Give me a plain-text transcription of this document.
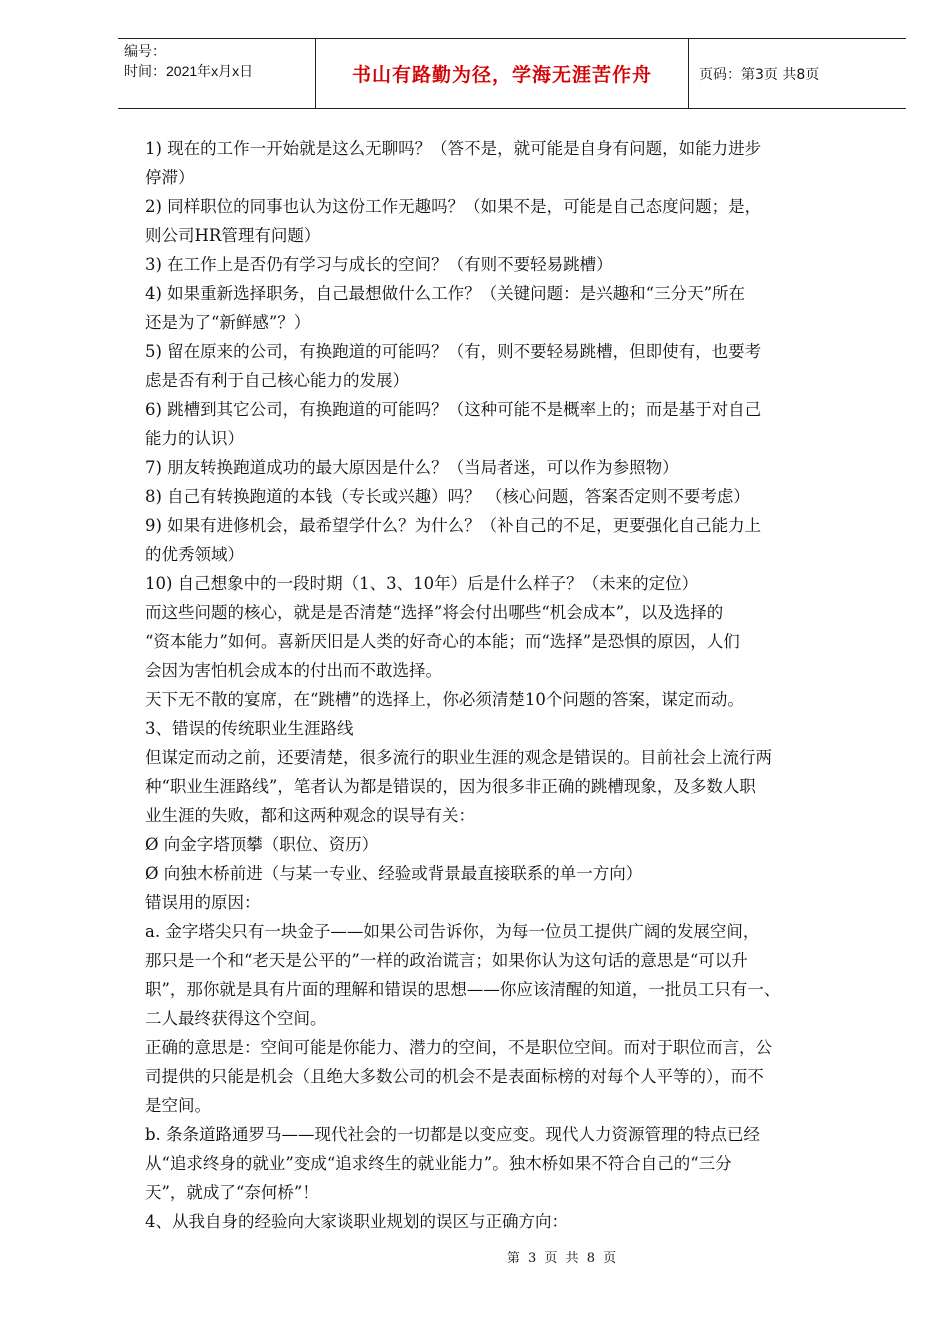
编号：
时间：2021年x月x日	书山有路勤为径，学海无涯苦作舟	页码：第3页 共8页
1) 现在的工作一开始就是这么无聊吗？（答不是，就可能是自身有问题，如能力进步
停滞）
2) 同样职位的同事也认为这份工作无趣吗？（如果不是，可能是自己态度问题；是，
则公司HR管理有问题）
3) 在工作上是否仍有学习与成长的空间？（有则不要轻易跳槽）
4) 如果重新选择职务，自己最想做什么工作？（关键问题：是兴趣和“三分天”所在
还是为了“新鲜感”？）
5) 留在原来的公司，有换跑道的可能吗？（有，则不要轻易跳槽，但即使有，也要考
虑是否有利于自己核心能力的发展）
6) 跳槽到其它公司，有换跑道的可能吗？（这种可能不是概率上的；而是基于对自己
能力的认识）
7) 朋友转换跑道成功的最大原因是什么？（当局者迷，可以作为参照物）
8) 自己有转换跑道的本钱（专长或兴趣）吗？ （核心问题，答案否定则不要考虑）
9) 如果有进修机会，最希望学什么？为什么？（补自己的不足，更要强化自己能力上
的优秀领域）
10) 自己想象中的一段时期（1、3、10年）后是什么样子？（未来的定位）
而这些问题的核心，就是是否清楚“选择”将会付出哪些“机会成本”，以及选择的
“资本能力”如何。喜新厌旧是人类的好奇心的本能；而“选择”是恐惧的原因，人们
会因为害怕机会成本的付出而不敢选择。
天下无不散的宴席，在“跳槽”的选择上，你必须清楚10个问题的答案，谋定而动。
3、错误的传统职业生涯路线
但谋定而动之前，还要清楚，很多流行的职业生涯的观念是错误的。目前社会上流行两
种“职业生涯路线”，笔者认为都是错误的，因为很多非正确的跳槽现象，及多数人职
业生涯的失败，都和这两种观念的误导有关：
Ø 向金字塔顶攀（职位、资历）
Ø 向独木桥前进（与某一专业、经验或背景最直接联系的单一方向）
错误用的原因：
a. 金字塔尖只有一块金子——如果公司告诉你，为每一位员工提供广阔的发展空间，
那只是一个和“老天是公平的”一样的政治谎言；如果你认为这句话的意思是“可以升
职”，那你就是具有片面的理解和错误的思想——你应该清醒的知道，一批员工只有一、
二人最终获得这个空间。
正确的意思是：空间可能是你能力、潜力的空间，不是职位空间。而对于职位而言，公
司提供的只能是机会（且绝大多数公司的机会不是表面标榜的对每个人平等的），而不
是空间。
b. 条条道路通罗马——现代社会的一切都是以变应变。现代人力资源管理的特点已经
从“追求终身的就业”变成“追求终生的就业能力”。独木桥如果不符合自己的“三分
天”，就成了“奈何桥”！
4、从我自身的经验向大家谈职业规划的误区与正确方向：
第 3 页 共 8 页
